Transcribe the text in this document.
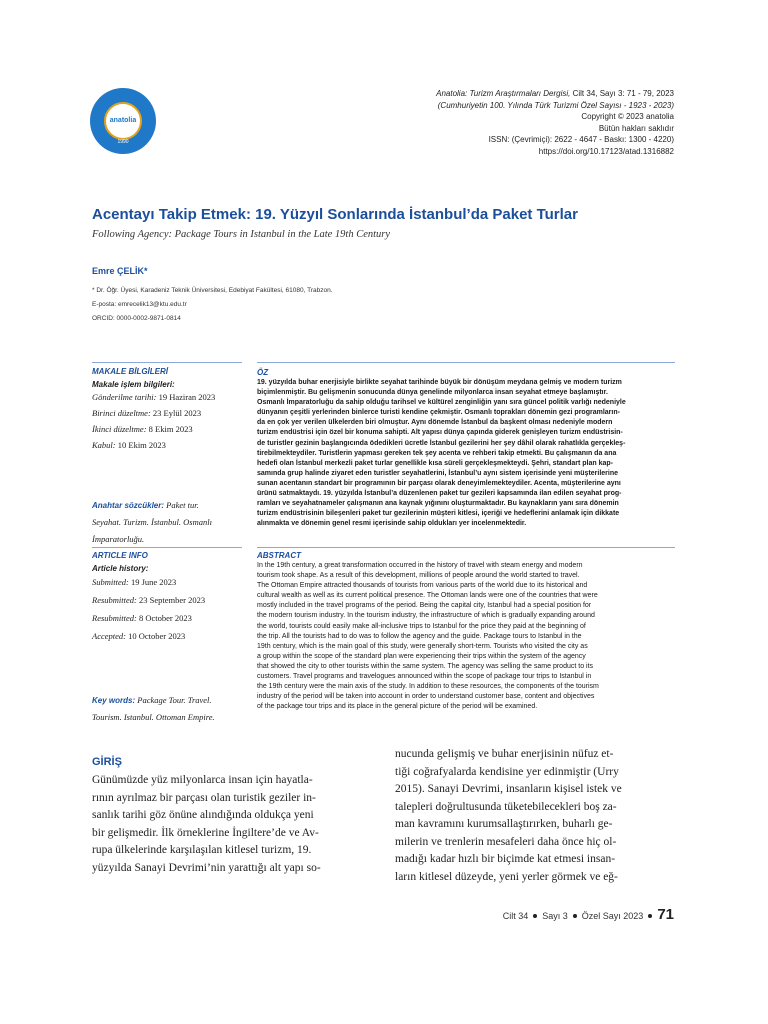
anatolia
1990
Anatolia: Turizm Araştırmaları Dergisi, Cilt 34, Sayı 3: 71 - 79, 2023
(Cumhuriyetin 100. Yılında Türk Turizmi Özel Sayısı - 1923 - 2023)
Copyright © 2023 anatolia
Bütün hakları saklıdır
ISSN: (Çevrimiçi): 2622 - 4647 - Baskı: 1300 - 4220)
https://doi.org/10.17123/atad.1316882
Acentayı Takip Etmek: 19. Yüzyıl Sonlarında İstanbul’da Paket Turlar
Following Agency: Package Tours in Istanbul in the Late 19th Century
Emre ÇELİK*
* Dr. Öğr. Üyesi, Karadeniz Teknik Üniversitesi, Edebiyat Fakültesi, 61080, Trabzon.
E-posta: emrecelik13@ktu.edu.tr
ORCID: 0000-0002-9871-0814
MAKALE BİLGİLERİ
Makale işlem bilgileri:
Gönderilme tarihi: 19 Haziran 2023
Birinci düzeltme: 23 Eylül 2023
İkinci düzeltme: 8 Ekim 2023
Kabul: 10 Ekim 2023
Anahtar sözcükler: Paket tur.
Seyahat. Turizm. İstanbul. Osmanlı
İmparatorluğu.
ARTICLE INFO
Article history:
Submitted: 19 June 2023
Resubmitted: 23 September 2023
Resubmitted: 8 October 2023
Accepted: 10 October 2023
Key words: Package Tour. Travel.
Tourism. Istanbul. Ottoman Empire.
ÖZ
19. yüzyılda buhar enerjisiyle birlikte seyahat tarihinde büyük bir dönüşüm meydana gelmiş ve modern turizm
biçimlenmiştir. Bu gelişmenin sonucunda dünya genelinde milyonlarca insan seyahat etmeye başlamıştır.
Osmanlı İmparatorluğu da sahip olduğu tarihsel ve kültürel zenginliğin yanı sıra güncel politik varlığı nedeniyle
dünyanın çeşitli yerlerinden binlerce turisti kendine çekmiştir. Osmanlı toprakları dönemin gezi programların-
da en çok yer verilen ülkelerden biri olmuştur. Aynı dönemde İstanbul da başkent olması nedeniyle modern
turizm endüstrisi için özel bir konuma sahipti. Alt yapısı dünya çapında giderek genişleyen turizm endüstrisin-
de turistler gezinin başlangıcında ödedikleri ücretle İstanbul gezilerini her şey dâhil olarak rahatlıkla gerçekleş-
tirebilmekteydiler. Turistlerin yapması gereken tek şey acenta ve rehberi takip etmekti. Bu çalışmanın da ana
hedefi olan İstanbul merkezli paket turlar genellikle kısa süreli gerçekleşmekteydi. Şehri, standart plan kap-
samında grup halinde ziyaret eden turistler seyahatlerini, İstanbul’u aynı sistem içerisinde yeni müşterilerine
sunan acentanın standart bir programının bir parçası olarak deneyimlemekteydiler. Acenta, müşterilerine aynı
ürünü satmaktaydı. 19. yüzyılda İstanbul’a düzenlenen paket tur gezileri kapsamında ilan edilen seyahat prog-
ramları ve seyahatnameler çalışmanın ana kaynak yığınını oluşturmaktadır. Bu kaynakların yanı sıra dönemin
turizm endüstrisinin bileşenleri paket tur gezilerinin müşteri kitlesi, içeriği ve hedeflerini anlamak için dikkate
alınmakta ve dönemin genel resmi içerisinde sahip oldukları yer incelenmektedir.
ABSTRACT
In the 19th century, a great transformation occurred in the history of travel with steam energy and modern
tourism took shape. As a result of this development, millions of people around the world started to travel.
The Ottoman Empire attracted thousands of tourists from various parts of the world due to its historical and
cultural wealth as well as its current political presence. The Ottoman lands were one of the countries that were
mostly included in the travel programs of the period. Being the capital city, Istanbul had a special position for
the modern tourism industry. In the tourism industry, the infrastructure of which is gradually expanding around
the world, tourists could easily make all-inclusive trips to Istanbul for the price they paid at the beginning of
the trip. All the tourists had to do was to follow the agency and the guide. Package tours to Istanbul in the
19th century, which is the main goal of this study, were generally short-term. Tourists who visited the city as
a group within the scope of the standard plan were experiencing their trips within the system of the agency
that showed the city to other tourists within the same system. The agency was selling the same product to its
customers. Travel programs and travelogues announced within the scope of package tour trips to Istanbul in
the 19th century were the main axis of the study. In addition to these resources, the components of the tourism
industry of the period will be taken into account in order to understand customer base, content and objectives
of the package tour trips and its place in the general picture of the period will be examined.
GİRİŞ
Günümüzde yüz milyonlarca insan için hayatla-
rının ayrılmaz bir parçası olan turistik geziler in-
sanlık tarihi göz önüne alındığında oldukça yeni
bir gelişmedir. İlk örneklerine İngiltere’de ve Av-
rupa ülkelerinde karşılaşılan kitlesel turizm, 19.
yüzyılda Sanayi Devrimi’nin yarattığı alt yapı so-
nucunda gelişmiş ve buhar enerjisinin nüfuz et-
tiği coğrafyalarda kendisine yer edinmiştir (Urry
2015). Sanayi Devrimi, insanların kişisel istek ve
talepleri doğrultusunda tüketebilecekleri boş za-
man kavramını kurumsallaştırırken, buharlı ge-
milerin ve trenlerin mesafeleri daha önce hiç ol-
madığı kadar hızlı bir biçimde kat etmesi insan-
ların kitlesel düzeyde, yeni yerler görmek ve eğ-
Cilt 34 Sayı 3 Özel Sayı 2023 71
